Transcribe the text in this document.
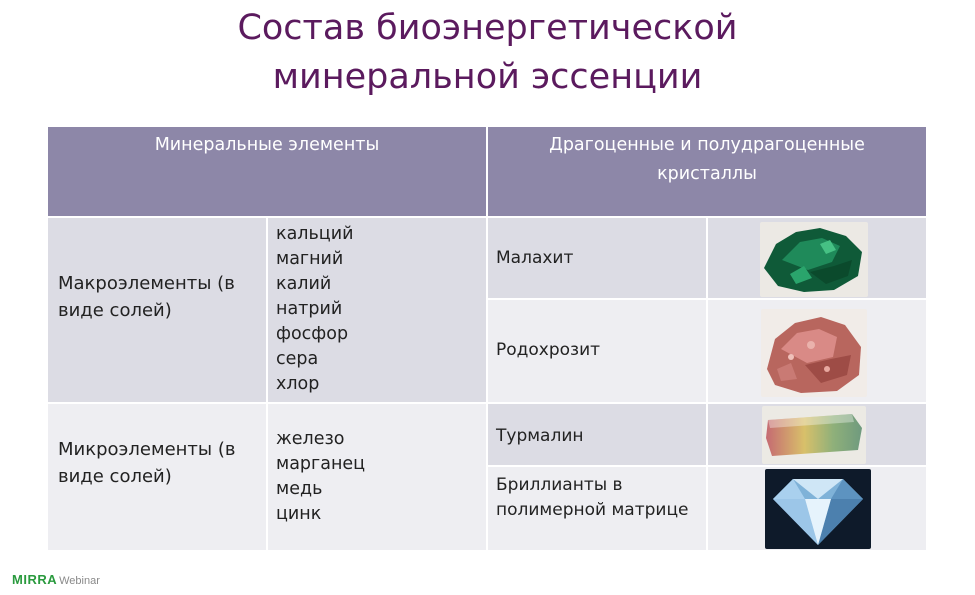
Состав биоэнергетической
минеральной эссенции
Минеральные элементы	Драгоценные и полудрагоценные кристаллы
Макроэлементы (в виде солей)
кальций
магний
калий
натрий
фосфор
сера
хлор
Микроэлементы (в виде солей)
железо
марганец
медь
цинк
Малахит
Родохрозит
Турмалин
Бриллианты в полимерной матрице
MIRRA Webinar
